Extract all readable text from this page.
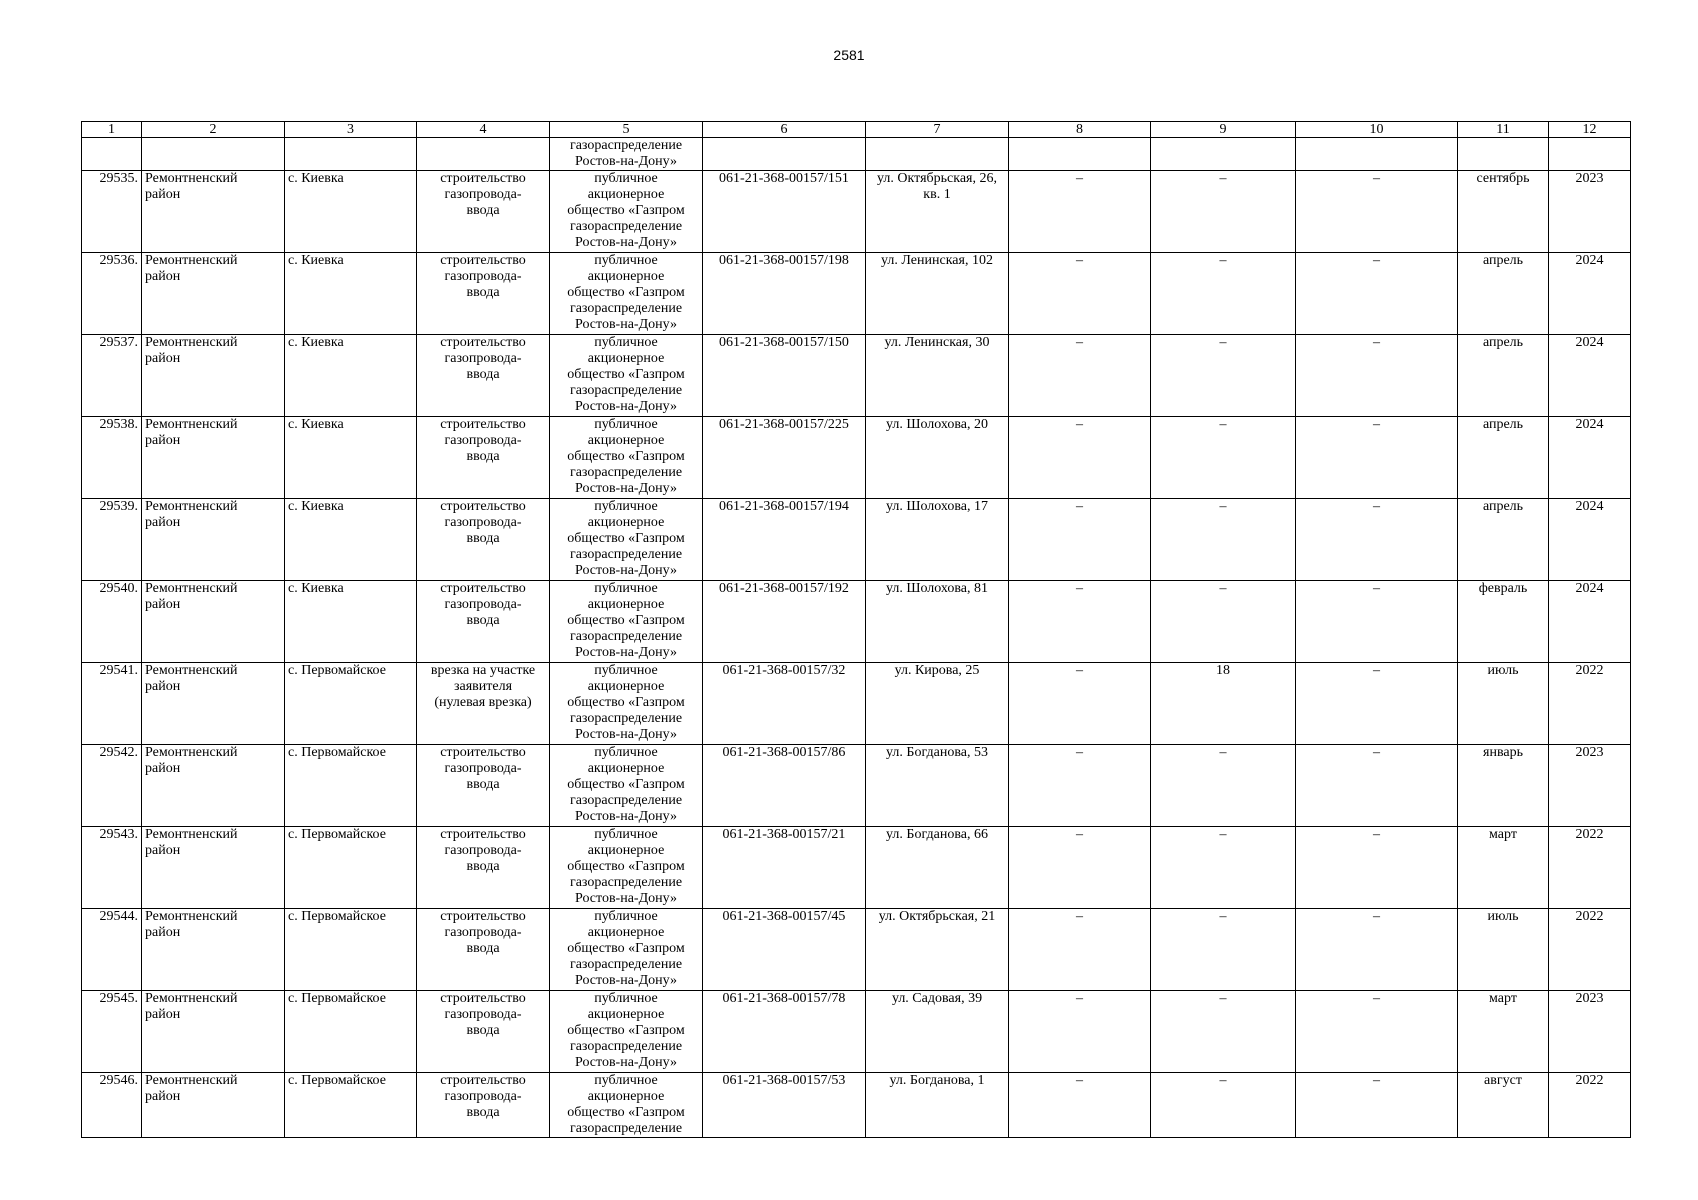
2581
1	2	3	4	5	6	7	8	9	10	11	12
				газораспределение
Ростов-на-Дону»							
29535.	Ремонтненский
район	с. Киевка	строительство
газопровода-
ввода	публичное
акционерное
общество «Газпром
газораспределение
Ростов-на-Дону»	061-21-368-00157/151	ул. Октябрьская, 26,
кв. 1	–	–	–	сентябрь	2023
29536.	Ремонтненский
район	с. Киевка	строительство
газопровода-
ввода	публичное
акционерное
общество «Газпром
газораспределение
Ростов-на-Дону»	061-21-368-00157/198	ул. Ленинская, 102	–	–	–	апрель	2024
29537.	Ремонтненский
район	с. Киевка	строительство
газопровода-
ввода	публичное
акционерное
общество «Газпром
газораспределение
Ростов-на-Дону»	061-21-368-00157/150	ул. Ленинская, 30	–	–	–	апрель	2024
29538.	Ремонтненский
район	с. Киевка	строительство
газопровода-
ввода	публичное
акционерное
общество «Газпром
газораспределение
Ростов-на-Дону»	061-21-368-00157/225	ул. Шолохова, 20	–	–	–	апрель	2024
29539.	Ремонтненский
район	с. Киевка	строительство
газопровода-
ввода	публичное
акционерное
общество «Газпром
газораспределение
Ростов-на-Дону»	061-21-368-00157/194	ул. Шолохова, 17	–	–	–	апрель	2024
29540.	Ремонтненский
район	с. Киевка	строительство
газопровода-
ввода	публичное
акционерное
общество «Газпром
газораспределение
Ростов-на-Дону»	061-21-368-00157/192	ул. Шолохова, 81	–	–	–	февраль	2024
29541.	Ремонтненский
район	с. Первомайское	врезка на участке
заявителя
(нулевая врезка)	публичное
акционерное
общество «Газпром
газораспределение
Ростов-на-Дону»	061-21-368-00157/32	ул. Кирова, 25	–	18	–	июль	2022
29542.	Ремонтненский
район	с. Первомайское	строительство
газопровода-
ввода	публичное
акционерное
общество «Газпром
газораспределение
Ростов-на-Дону»	061-21-368-00157/86	ул. Богданова, 53	–	–	–	январь	2023
29543.	Ремонтненский
район	с. Первомайское	строительство
газопровода-
ввода	публичное
акционерное
общество «Газпром
газораспределение
Ростов-на-Дону»	061-21-368-00157/21	ул. Богданова, 66	–	–	–	март	2022
29544.	Ремонтненский
район	с. Первомайское	строительство
газопровода-
ввода	публичное
акционерное
общество «Газпром
газораспределение
Ростов-на-Дону»	061-21-368-00157/45	ул. Октябрьская, 21	–	–	–	июль	2022
29545.	Ремонтненский
район	с. Первомайское	строительство
газопровода-
ввода	публичное
акционерное
общество «Газпром
газораспределение
Ростов-на-Дону»	061-21-368-00157/78	ул. Садовая, 39	–	–	–	март	2023
29546.	Ремонтненский
район	с. Первомайское	строительство
газопровода-
ввода	публичное
акционерное
общество «Газпром
газораспределение	061-21-368-00157/53	ул. Богданова, 1	–	–	–	август	2022
